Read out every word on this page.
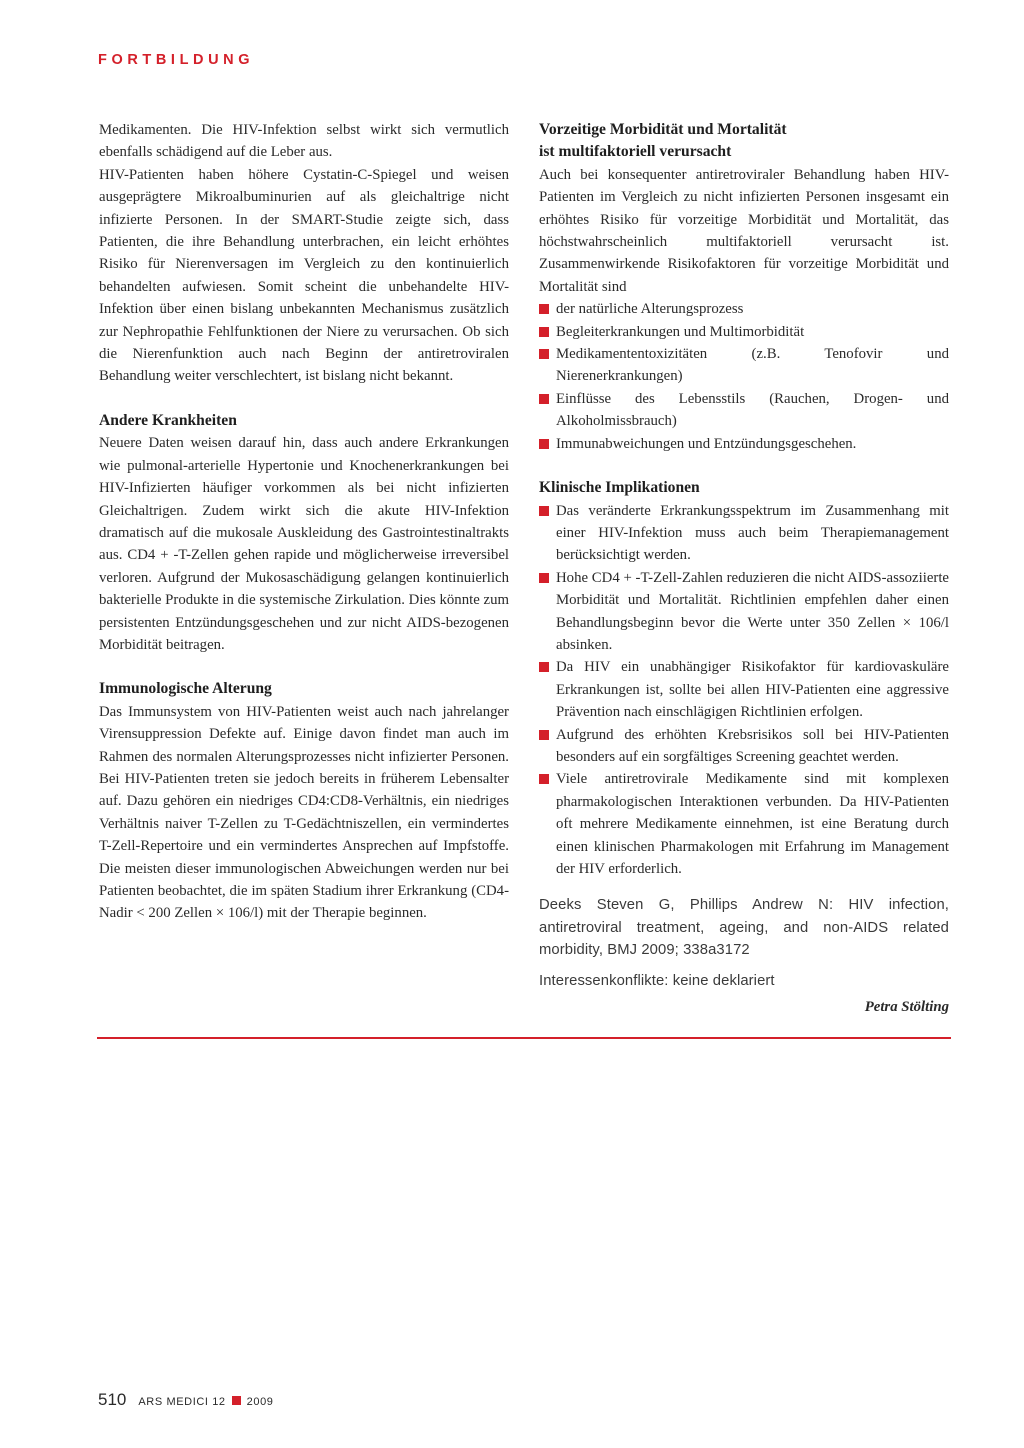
FORTBILDUNG

Medikamenten. Die HIV-Infektion selbst wirkt sich vermutlich ebenfalls schädigend auf die Leber aus.

HIV-Patienten haben höhere Cystatin-C-Spiegel und weisen ausgeprägtere Mikroalbuminurien auf als gleichaltrige nicht infizierte Personen. In der SMART-Studie zeigte sich, dass Patienten, die ihre Behandlung unterbrachen, ein leicht erhöhtes Risiko für Nierenversagen im Vergleich zu den kontinuierlich behandelten aufwiesen. Somit scheint die unbehandelte HIV-Infektion über einen bislang unbekannten Mechanismus zusätzlich zur Nephropathie Fehlfunktionen der Niere zu verursachen. Ob sich die Nierenfunktion auch nach Beginn der antiretroviralen Behandlung weiter verschlechtert, ist bislang nicht bekannt.

Andere Krankheiten

Neuere Daten weisen darauf hin, dass auch andere Erkrankungen wie pulmonal-arterielle Hypertonie und Knochenerkrankungen bei HIV-Infizierten häufiger vorkommen als bei nicht infizierten Gleichaltrigen. Zudem wirkt sich die akute HIV-Infektion dramatisch auf die mukosale Auskleidung des Gastrointestinaltrakts aus. CD4 + -T-Zellen gehen rapide und möglicherweise irreversibel verloren. Aufgrund der Mukosaschädigung gelangen kontinuierlich bakterielle Produkte in die systemische Zirkulation. Dies könnte zum persistenten Entzündungsgeschehen und zur nicht AIDS-bezogenen Morbidität beitragen.

Immunologische Alterung

Das Immunsystem von HIV-Patienten weist auch nach jahrelanger Virensuppression Defekte auf. Einige davon findet man auch im Rahmen des normalen Alterungsprozesses nicht infizierter Personen. Bei HIV-Patienten treten sie jedoch bereits in früherem Lebensalter auf. Dazu gehören ein niedriges CD4:CD8-Verhältnis, ein niedriges Verhältnis naiver T-Zellen zu T-Gedächtniszellen, ein vermindertes T-Zell-Repertoire und ein vermindertes Ansprechen auf Impfstoffe. Die meisten dieser immunologischen Abweichungen werden nur bei Patienten beobachtet, die im späten Stadium ihrer Erkrankung (CD4-Nadir < 200 Zellen × 106/l) mit der Therapie beginnen.

Vorzeitige Morbidität und Mortalität
ist multifaktoriell verursacht

Auch bei konsequenter antiretroviraler Behandlung haben HIV-Patienten im Vergleich zu nicht infizierten Personen insgesamt ein erhöhtes Risiko für vorzeitige Morbidität und Mortalität, das höchstwahrscheinlich multifaktoriell verursacht ist. Zusammenwirkende Risikofaktoren für vorzeitige Morbidität und Mortalität sind

der natürliche Alterungsprozess
Begleiterkrankungen und Multimorbidität
Medikamententoxizitäten (z.B. Tenofovir und Nierenerkrankungen)
Einflüsse des Lebensstils (Rauchen, Drogen- und Alkoholmissbrauch)
Immunabweichungen und Entzündungsgeschehen.
Klinische Implikationen
Das veränderte Erkrankungsspektrum im Zusammenhang mit einer HIV-Infektion muss auch beim Therapiemanagement berücksichtigt werden.
Hohe CD4 + -T-Zell-Zahlen reduzieren die nicht AIDS-assoziierte Morbidität und Mortalität. Richtlinien empfehlen daher einen Behandlungsbeginn bevor die Werte unter 350 Zellen × 106/l absinken.
Da HIV ein unabhängiger Risikofaktor für kardiovaskuläre Erkrankungen ist, sollte bei allen HIV-Patienten eine aggressive Prävention nach einschlägigen Richtlinien erfolgen.
Aufgrund des erhöhten Krebsrisikos soll bei HIV-Patienten besonders auf ein sorgfältiges Screening geachtet werden.
Viele antiretrovirale Medikamente sind mit komplexen pharmakologischen Interaktionen verbunden. Da HIV-Patienten oft mehrere Medikamente einnehmen, ist eine Beratung durch einen klinischen Pharmakologen mit Erfahrung im Management der HIV erforderlich.

Deeks Steven G, Phillips Andrew N: HIV infection, antiretroviral treatment, ageing, and non-AIDS related morbidity, BMJ 2009; 338a3172

Interessenkonflikte: keine deklariert

Petra Stölting
510 ARS MEDICI 12 2009
